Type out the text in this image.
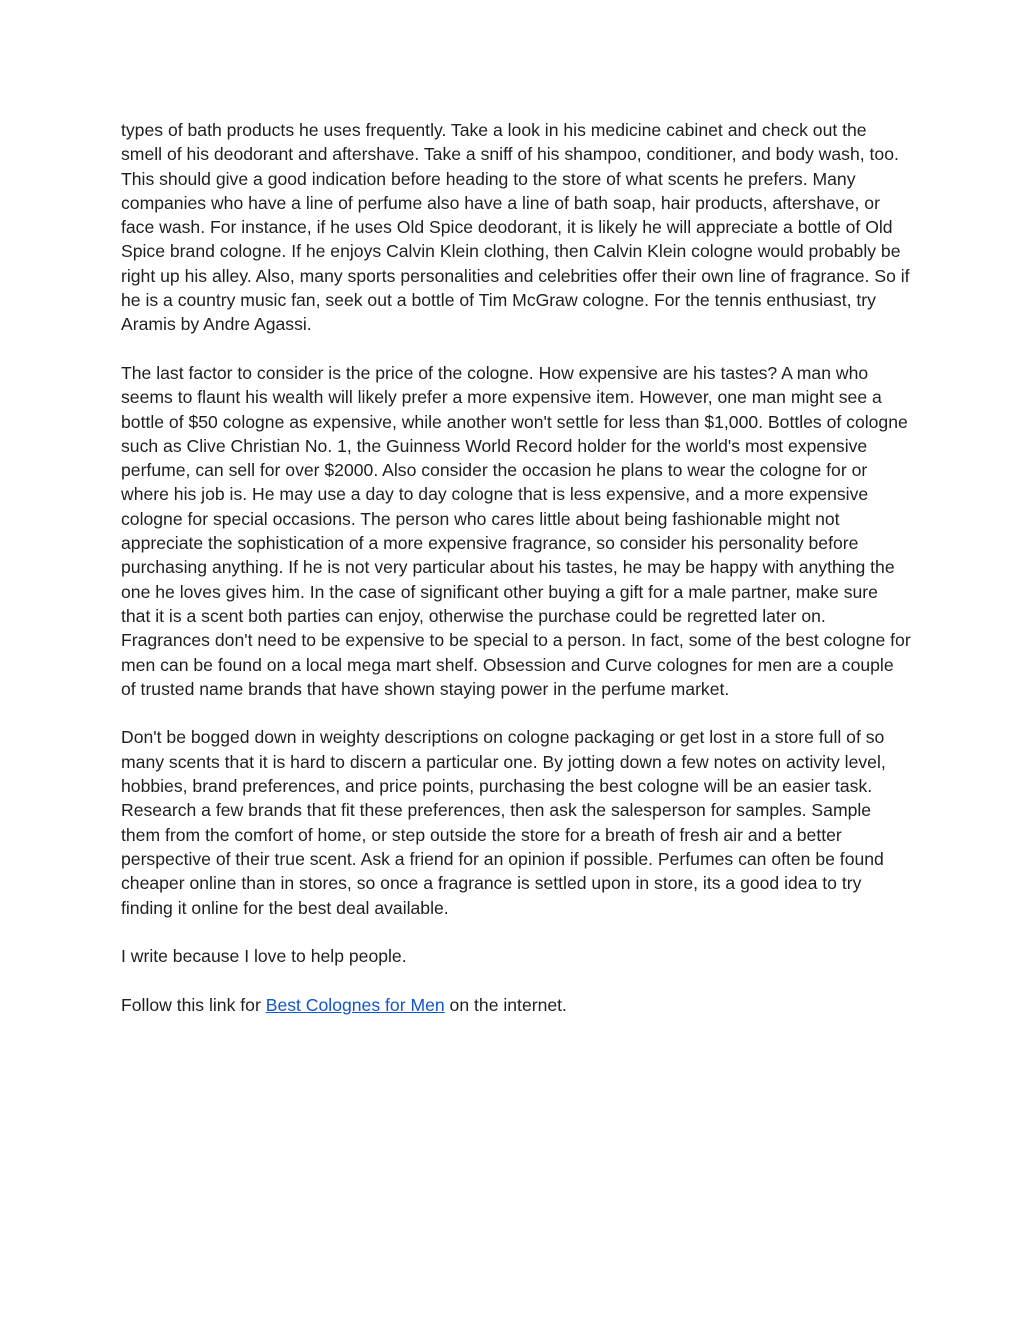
types of bath products he uses frequently. Take a look in his medicine cabinet and check out the smell of his deodorant and aftershave. Take a sniff of his shampoo, conditioner, and body wash, too. This should give a good indication before heading to the store of what scents he prefers. Many companies who have a line of perfume also have a line of bath soap, hair products, aftershave, or face wash. For instance, if he uses Old Spice deodorant, it is likely he will appreciate a bottle of Old Spice brand cologne. If he enjoys Calvin Klein clothing, then Calvin Klein cologne would probably be right up his alley. Also, many sports personalities and celebrities offer their own line of fragrance. So if he is a country music fan, seek out a bottle of Tim McGraw cologne. For the tennis enthusiast, try Aramis by Andre Agassi.

The last factor to consider is the price of the cologne. How expensive are his tastes? A man who seems to flaunt his wealth will likely prefer a more expensive item. However, one man might see a bottle of $50 cologne as expensive, while another won't settle for less than $1,000. Bottles of cologne such as Clive Christian No. 1, the Guinness World Record holder for the world's most expensive perfume, can sell for over $2000. Also consider the occasion he plans to wear the cologne for or where his job is. He may use a day to day cologne that is less expensive, and a more expensive cologne for special occasions. The person who cares little about being fashionable might not appreciate the sophistication of a more expensive fragrance, so consider his personality before purchasing anything. If he is not very particular about his tastes, he may be happy with anything the one he loves gives him. In the case of significant other buying a gift for a male partner, make sure that it is a scent both parties can enjoy, otherwise the purchase could be regretted later on. Fragrances don't need to be expensive to be special to a person. In fact, some of the best cologne for men can be found on a local mega mart shelf. Obsession and Curve colognes for men are a couple of trusted name brands that have shown staying power in the perfume market.

Don't be bogged down in weighty descriptions on cologne packaging or get lost in a store full of so many scents that it is hard to discern a particular one. By jotting down a few notes on activity level, hobbies, brand preferences, and price points, purchasing the best cologne will be an easier task. Research a few brands that fit these preferences, then ask the salesperson for samples. Sample them from the comfort of home, or step outside the store for a breath of fresh air and a better perspective of their true scent. Ask a friend for an opinion if possible. Perfumes can often be found cheaper online than in stores, so once a fragrance is settled upon in store, its a good idea to try finding it online for the best deal available.

I write because I love to help people.

Follow this link for Best Colognes for Men on the internet.
